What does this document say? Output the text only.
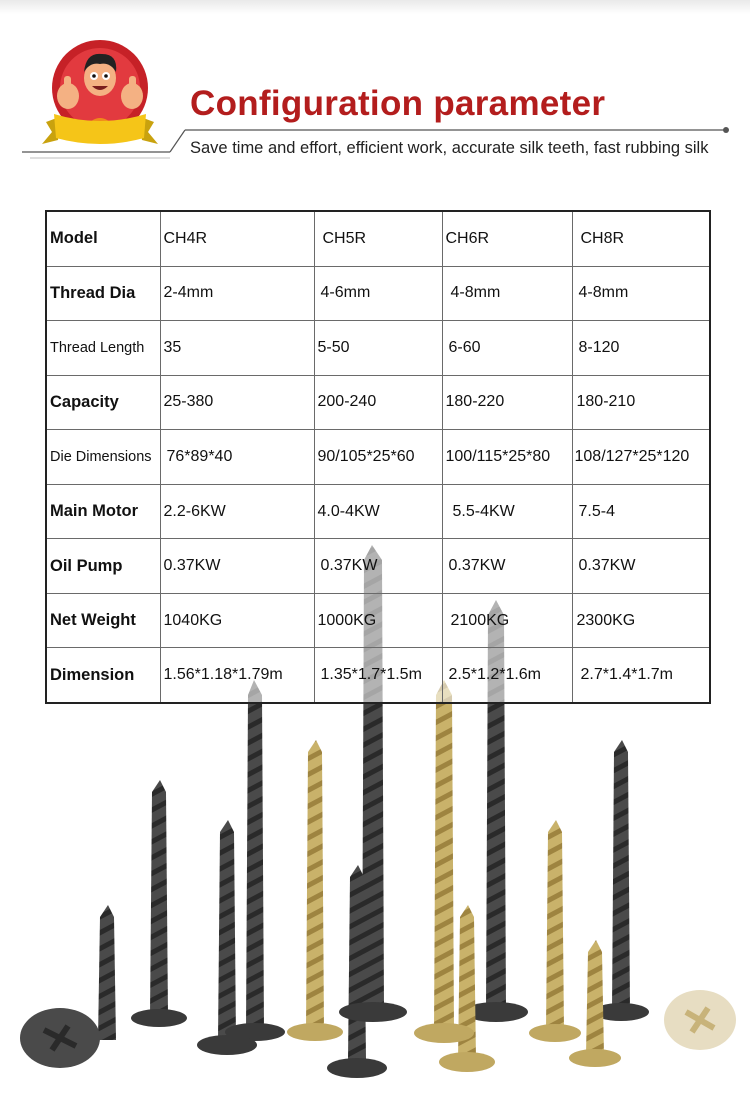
Configuration parameter
Save time and effort, efficient work, accurate silk teeth, fast rubbing silk
Model	CH4R	CH5R	CH6R	CH8R
Thread Dia	2-4mm	4-6mm	4-8mm	4-8mm
Thread Length	35	5-50	6-60	8-120
Capacity	25-380	200-240	180-220	180-210
Die Dimensions	76*89*40	90/105*25*60	100/115*25*80	108/127*25*120
Main Motor	2.2-6KW	4.0-4KW	5.5-4KW	7.5-4
Oil Pump	0.37KW	0.37KW	0.37KW	0.37KW
Net Weight	1040KG	1000KG	2100KG	2300KG
Dimension	1.56*1.18*1.79m	1.35*1.7*1.5m	2.5*1.2*1.6m	2.7*1.4*1.7m
